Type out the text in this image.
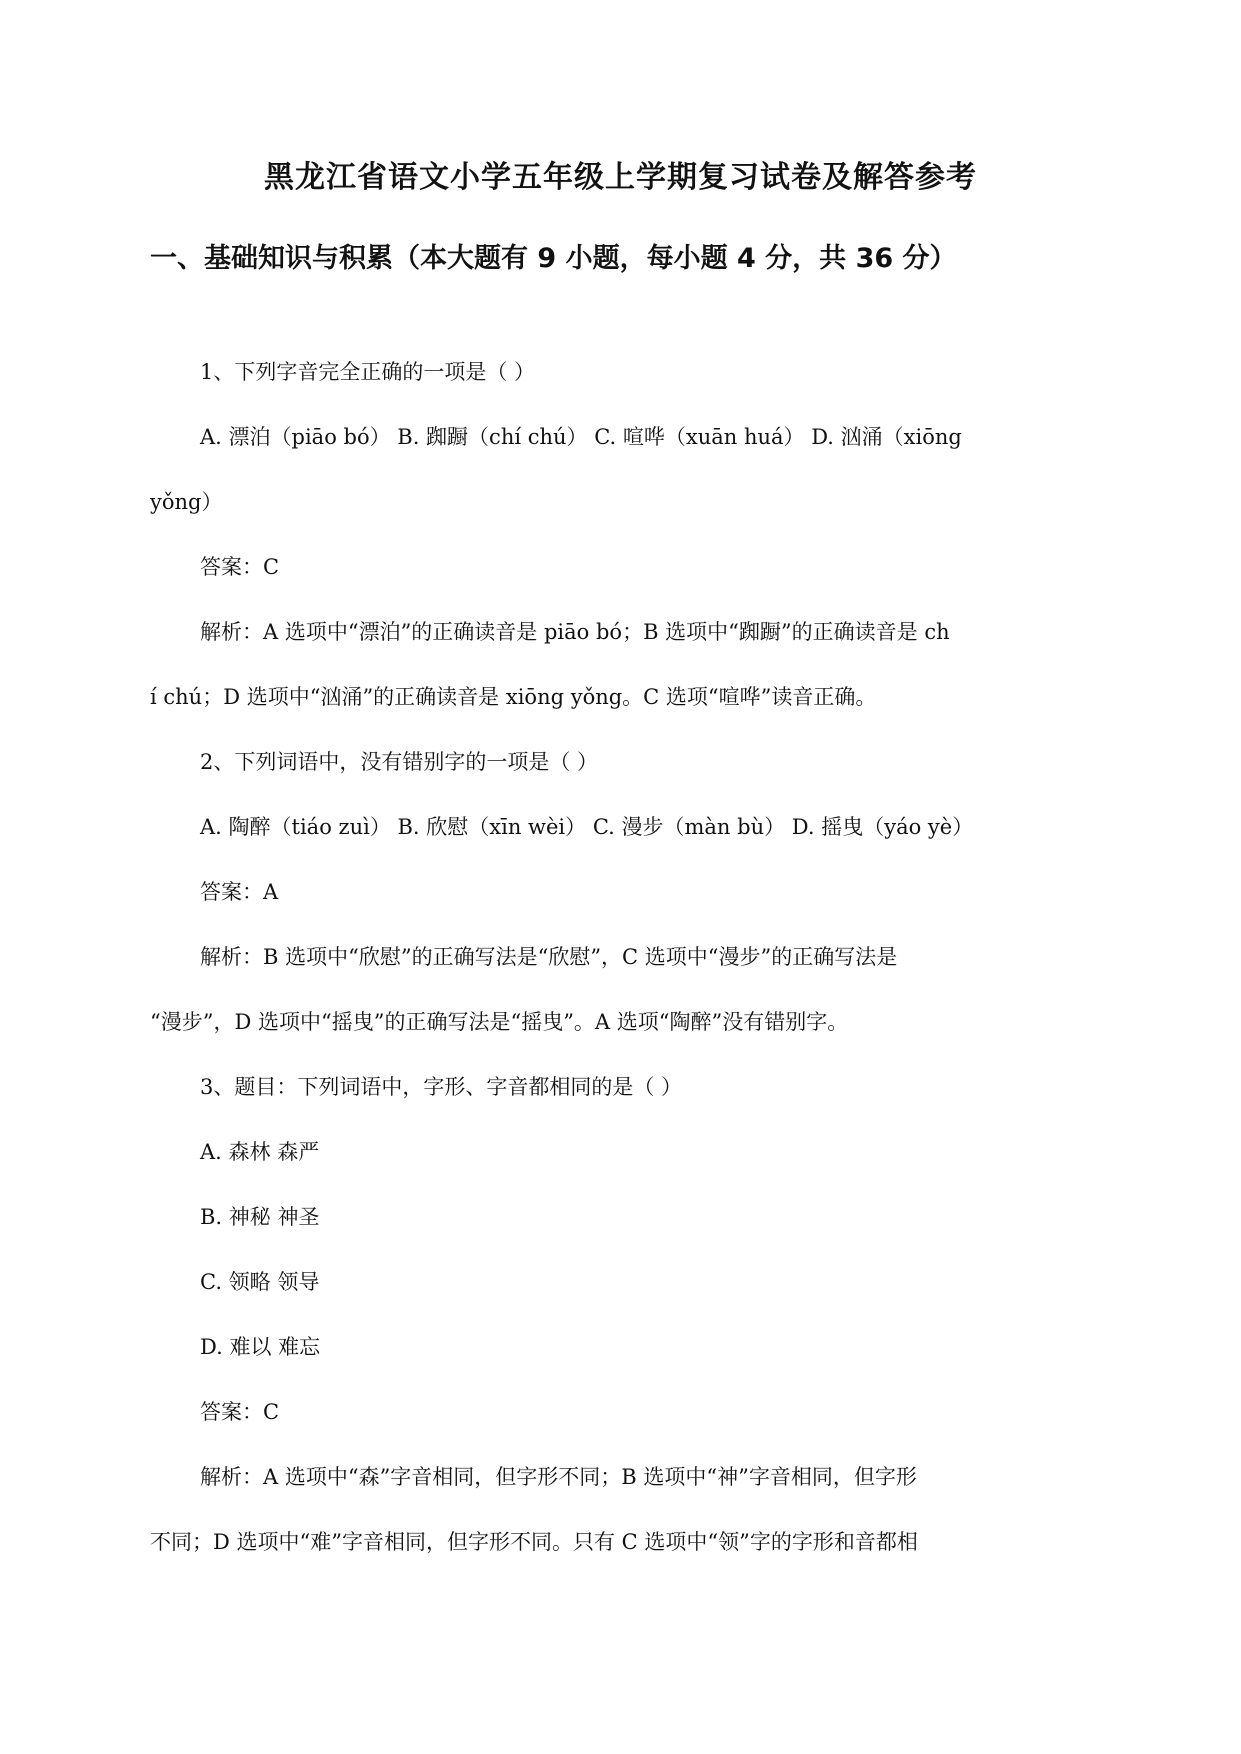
黑龙江省语文小学五年级上学期复习试卷及解答参考
一、基础知识与积累（本大题有 9 小题，每小题 4 分，共 36 分）
1、下列字音完全正确的一项是（ ）
A. 漂泊（piāo bó） B. 踟蹰（chí chú） C. 喧哗（xuān huá） D. 汹涌（xiōng
yǒng）
答案：C
解析：A 选项中“漂泊”的正确读音是 piāo bó；B 选项中“踟蹰”的正确读音是 ch
í chú；D 选项中“汹涌”的正确读音是 xiōng yǒng。C 选项“喧哗”读音正确。
2、下列词语中，没有错别字的一项是（ ）
A. 陶醉（tiáo zuì） B. 欣慰（xīn wèi） C. 漫步（màn bù） D. 摇曳（yáo yè）
答案：A
解析：B 选项中“欣慰”的正确写法是“欣慰”，C 选项中“漫步”的正确写法是
“漫步”，D 选项中“摇曳”的正确写法是“摇曳”。A 选项“陶醉”没有错别字。
3、题目：下列词语中，字形、字音都相同的是（ ）
A. 森林 森严
B. 神秘 神圣
C. 领略 领导
D. 难以 难忘
答案：C
解析：A 选项中“森”字音相同，但字形不同；B 选项中“神”字音相同，但字形
不同；D 选项中“难”字音相同，但字形不同。只有 C 选项中“领”字的字形和音都相
